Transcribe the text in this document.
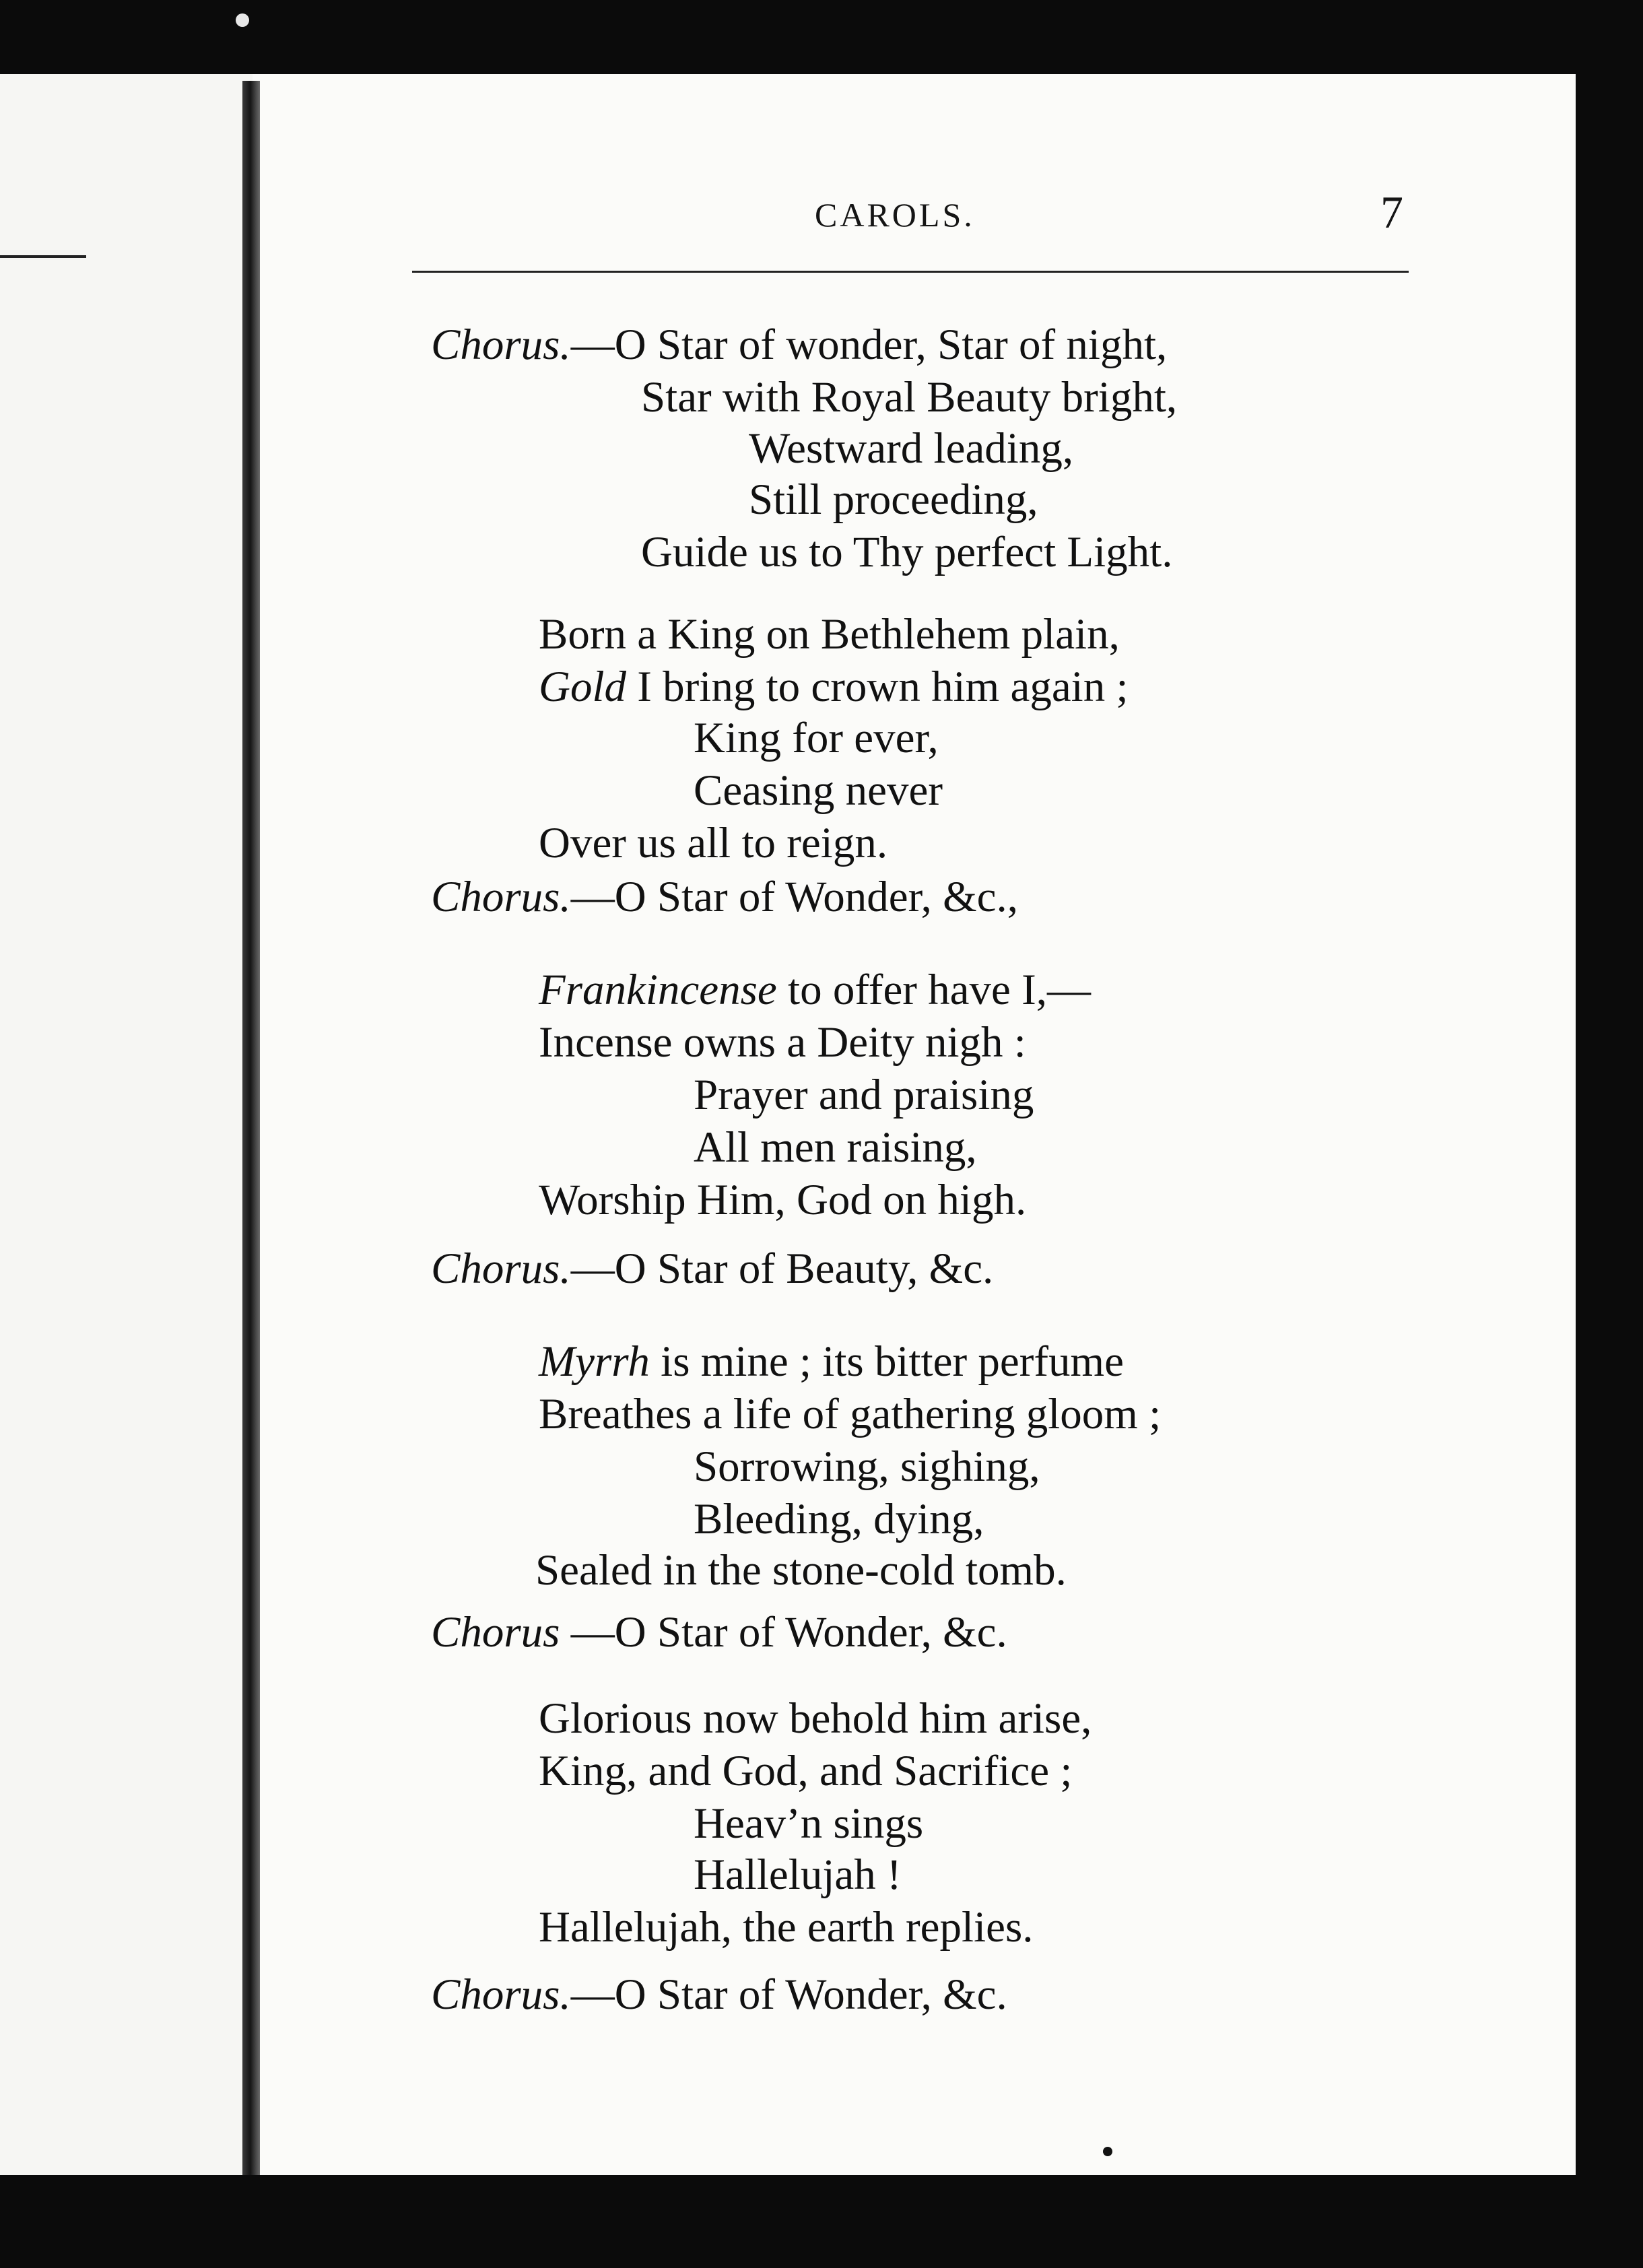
CAROLS.	7
Chorus.—O Star of wonder, Star of night,
Star with Royal Beauty bright,
Westward leading,
Still proceeding,
Guide us to Thy perfect Light.
Born a King on Bethlehem plain,
Gold I bring to crown him again ;
King for ever,
Ceasing never
Over us all to reign.
Chorus.—O Star of Wonder, &c.,
Frankincense to offer have I,—
Incense owns a Deity nigh :
Prayer and praising
All men raising,
Worship Him, God on high.
Chorus.—O Star of Beauty, &c.
Myrrh is mine ; its bitter perfume
Breathes a life of gathering gloom ;
Sorrowing, sighing,
Bleeding, dying,
Sealed in the stone-cold tomb.
Chorus —O Star of Wonder, &c.
Glorious now behold him arise,
King, and God, and Sacrifice ;
Heav’n sings
Hallelujah !
Hallelujah, the earth replies.
Chorus.—O Star of Wonder, &c.
